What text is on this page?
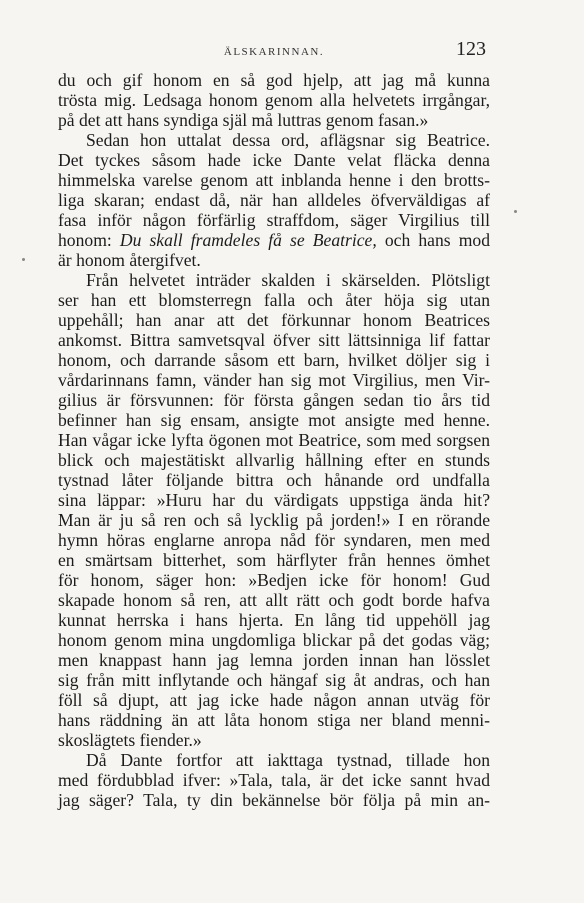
ÄLSKARINNAN.	123
du och gif honom en så god hjelp, att jag må kunna
trösta mig. Ledsaga honom genom alla helvetets irrgångar,
på det att hans syndiga själ må luttras genom fasan.»
Sedan hon uttalat dessa ord, aflägsnar sig Beatrice.
Det tyckes såsom hade icke Dante velat fläcka denna
himmelska varelse genom att inblanda henne i den brotts-
liga skaran; endast då, när han alldeles öfverväldigas af
fasa inför någon förfärlig straffdom, säger Virgilius till
honom: Du skall framdeles få se Beatrice, och hans mod
är honom återgifvet.
Från helvetet inträder skalden i skärselden. Plötsligt
ser han ett blomsterregn falla och åter höja sig utan
uppehåll; han anar att det förkunnar honom Beatrices
ankomst. Bittra samvetsqval öfver sitt lättsinniga lif fattar
honom, och darrande såsom ett barn, hvilket döljer sig i
vårdarinnans famn, vänder han sig mot Virgilius, men Vir-
gilius är försvunnen: för första gången sedan tio års tid
befinner han sig ensam, ansigte mot ansigte med henne.
Han vågar icke lyfta ögonen mot Beatrice, som med sorgsen
blick och majestätiskt allvarlig hållning efter en stunds
tystnad låter följande bittra och hånande ord undfalla
sina läppar: »Huru har du värdigats uppstiga ända hit?
Man är ju så ren och så lycklig på jorden!» I en rörande
hymn höras englarne anropa nåd för syndaren, men med
en smärtsam bitterhet, som härflyter från hennes ömhet
för honom, säger hon: »Bedjen icke för honom! Gud
skapade honom så ren, att allt rätt och godt borde hafva
kunnat herrska i hans hjerta. En lång tid uppehöll jag
honom genom mina ungdomliga blickar på det godas väg;
men knappast hann jag lemna jorden innan han lösslet
sig från mitt inflytande och hängaf sig åt andras, och han
föll så djupt, att jag icke hade någon annan utväg för
hans räddning än att låta honom stiga ner bland menni-
skoslägtets fiender.»
Då Dante fortfor att iakttaga tystnad, tillade hon
med fördubblad ifver: »Tala, tala, är det icke sannt hvad
jag säger? Tala, ty din bekännelse bör följa på min an-
